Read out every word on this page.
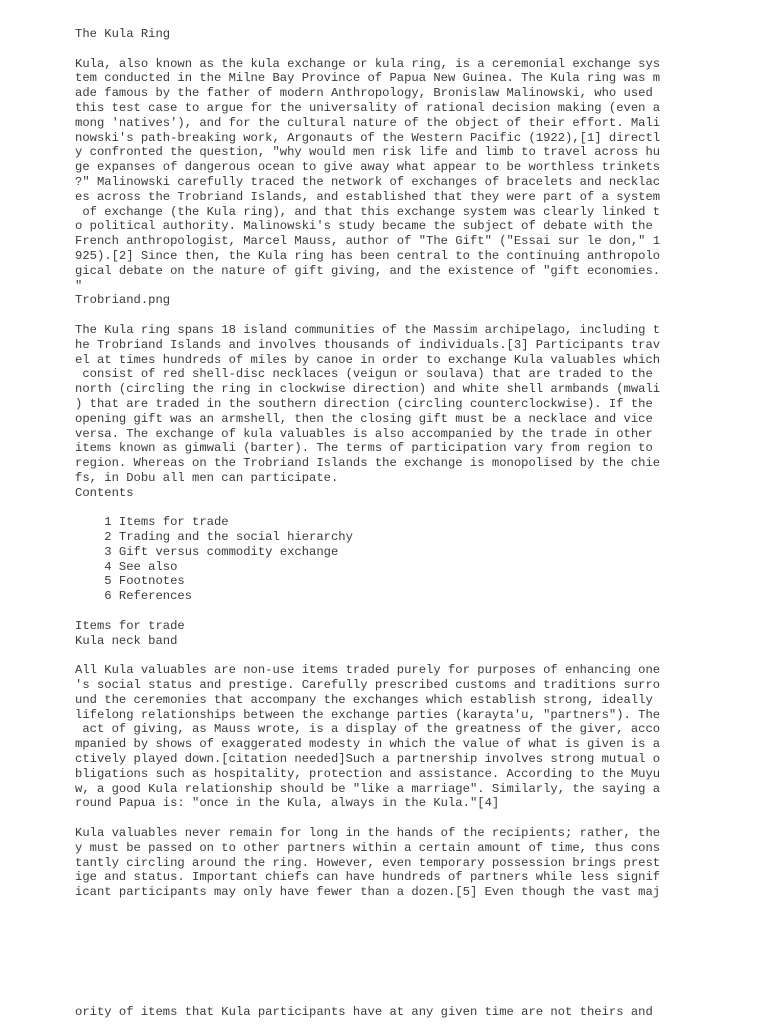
The Kula Ring
Kula, also known as the kula exchange or kula ring, is a ceremonial exchange sys
tem conducted in the Milne Bay Province of Papua New Guinea. The Kula ring was m
ade famous by the father of modern Anthropology, Bronislaw Malinowski, who used
this test case to argue for the universality of rational decision making (even a
mong 'natives'), and for the cultural nature of the object of their effort. Mali
nowski's path-breaking work, Argonauts of the Western Pacific (1922),[1] directl
y confronted the question, "why would men risk life and limb to travel across hu
ge expanses of dangerous ocean to give away what appear to be worthless trinkets
?" Malinowski carefully traced the network of exchanges of bracelets and necklac
es across the Trobriand Islands, and established that they were part of a system
of exchange (the Kula ring), and that this exchange system was clearly linked t
o political authority. Malinowski's study became the subject of debate with the
French anthropologist, Marcel Mauss, author of "The Gift" ("Essai sur le don," 1
925).[2] Since then, the Kula ring has been central to the continuing anthropolo
gical debate on the nature of gift giving, and the existence of "gift economies.
"
Trobriand.png
The Kula ring spans 18 island communities of the Massim archipelago, including t
he Trobriand Islands and involves thousands of individuals.[3] Participants trav
el at times hundreds of miles by canoe in order to exchange Kula valuables which
consist of red shell-disc necklaces (veigun or soulava) that are traded to the
north (circling the ring in clockwise direction) and white shell armbands (mwali
) that are traded in the southern direction (circling counterclockwise). If the
opening gift was an armshell, then the closing gift must be a necklace and vice
versa. The exchange of kula valuables is also accompanied by the trade in other
items known as gimwali (barter). The terms of participation vary from region to
region. Whereas on the Trobriand Islands the exchange is monopolised by the chie
fs, in Dobu all men can participate.
Contents
1 Items for trade
2 Trading and the social hierarchy
3 Gift versus commodity exchange
4 See also
5 Footnotes
6 References
Items for trade
Kula neck band
All Kula valuables are non-use items traded purely for purposes of enhancing one
's social status and prestige. Carefully prescribed customs and traditions surro
und the ceremonies that accompany the exchanges which establish strong, ideally
lifelong relationships between the exchange parties (karayta'u, "partners"). The
act of giving, as Mauss wrote, is a display of the greatness of the giver, acco
mpanied by shows of exaggerated modesty in which the value of what is given is a
ctively played down.[citation needed]Such a partnership involves strong mutual o
bligations such as hospitality, protection and assistance. According to the Muyu
w, a good Kula relationship should be "like a marriage". Similarly, the saying a
round Papua is: "once in the Kula, always in the Kula."[4]
Kula valuables never remain for long in the hands of the recipients; rather, the
y must be passed on to other partners within a certain amount of time, thus cons
tantly circling around the ring. However, even temporary possession brings prest
ige and status. Important chiefs can have hundreds of partners while less signif
icant participants may only have fewer than a dozen.[5] Even though the vast maj
ority of items that Kula participants have at any given time are not theirs and
